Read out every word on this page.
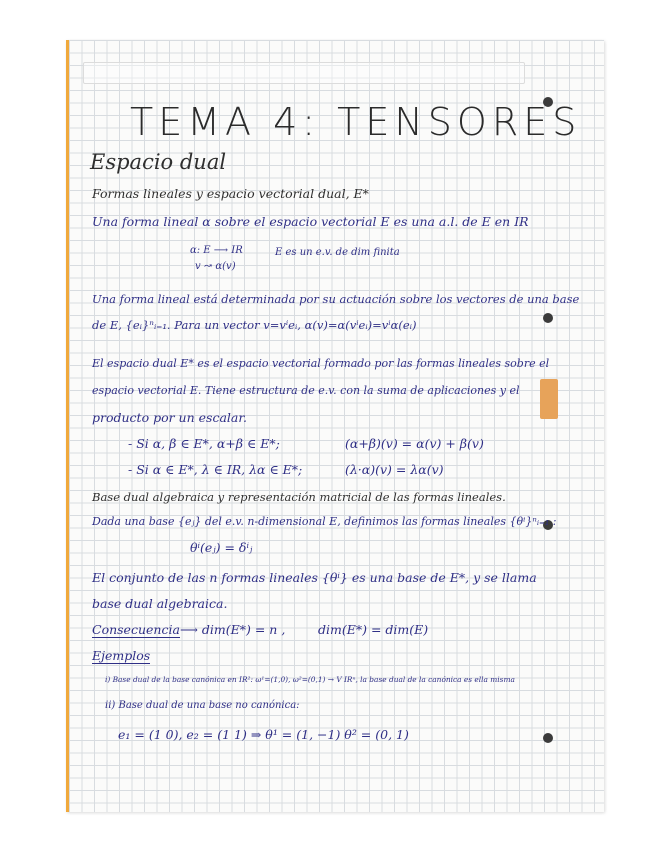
TEMA 4: TENSORES
Espacio dual
Formas lineales y espacio vectorial dual, E*
Una forma lineal α sobre el espacio vectorial E es una a.l. de E en IR
α: E ⟶ IR	E es un e.v. de dim finita
v ↝ α(v)
Una forma lineal está determinada por su actuación sobre los vectores de una base
de E, {eᵢ}ⁿᵢ₌₁. Para un vector v=vⁱeᵢ, α(v)=α(vⁱeᵢ)=vⁱα(eᵢ)
El espacio dual E* es el espacio vectorial formado por las formas lineales sobre el
espacio vectorial E. Tiene estructura de e.v. con la suma de aplicaciones y el
producto por un escalar.
- Si α, β ∈ E*, α+β ∈ E*;	(α+β)(v) = α(v) + β(v)
- Si α ∈ E*, λ ∈ IR, λα ∈ E*;	(λ·α)(v) = λα(v)
Base dual algebraica y representación matricial de las formas lineales.
Dada una base {eⱼ} del e.v. n-dimensional E, definimos las formas lineales {θⁱ}ⁿᵢ₌₁ :
θⁱ(eⱼ) = δⁱⱼ
El conjunto de las n formas lineales {θⁱ} es una base de E*, y se llama
base dual algebraica.
Consecuencia ⟶ dim(E*) = n ,	dim(E*) = dim(E)
Ejemplos
i) Base dual de la base canónica en IR²: ω¹=(1,0), ω²=(0,1) → V IRⁿ, la base dual de la canónica es ella misma
ii) Base dual de una base no canónica:
e₁ = (1 0), e₂ = (1 1) ⇒ θ¹ = (1, −1) θ² = (0, 1)
